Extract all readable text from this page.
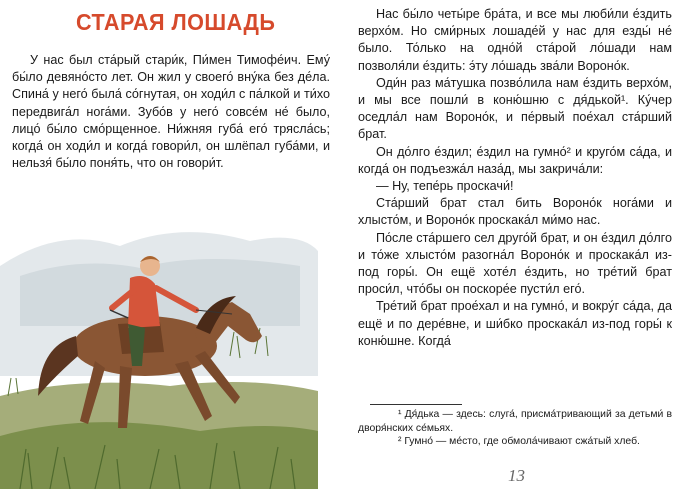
СТАРАЯ ЛОШАДЬ

У нас был ста́рый стари́к, Пи́мен Тимофе́ич. Ему́ бы́ло девяно́сто лет. Он жил у своего́ вну́ка без де́ла. Спина́ у него́ была́ со́гнутая, он ходи́л с па́лкой и ти́хо передвига́л нога́ми. Зубо́в у него́ совсе́м не́ было, лицо́ бы́ло смо́рщенное. Ни́жняя губа́ его́ трясла́сь; когда́ он ходи́л и когда́ говори́л, он шлёпал губа́ми, и нельзя́ бы́ло поня́ть, что он говори́т.

Нас бы́ло четы́ре бра́та, и все мы люби́ли е́здить верхо́м. Но сми́рных лошаде́й у нас для езды́ не́ было. То́лько на одно́й ста́рой ло́шади нам позволя́ли е́здить: э́ту ло́шадь зва́ли Вороно́к.

Оди́н раз ма́тушка позво́лила нам е́здить верхо́м, и мы все пошли́ в коню́шню с дя́дькой¹. Ку́чер оседла́л нам Вороно́к, и пе́рвый пое́хал ста́рший брат.

Он до́лго е́здил; е́здил на гумно́² и круго́м са́да, и когда́ он подъезжа́л наза́д, мы закрича́ли:

— Ну, тепе́рь проскачи́!

Ста́рший брат стал бить Вороно́к нога́ми и хлысто́м, и Вороно́к проскака́л ми́мо нас.

По́сле ста́ршего сел друго́й брат, и он е́здил до́лго и то́же хлысто́м разогна́л Вороно́к и проскака́л из-под горы́. Он ещё хоте́л е́здить, но тре́тий брат проси́л, что́бы он поскоре́е пусти́л его́.

Тре́тий брат прое́хал и на гумно́, и вокру́г са́да, да ещё и по дере́вне, и ши́бко проскака́л из-под горы́ к коню́шне. Когда́

¹ Дя́дька — здесь: слуга́, присма́тривающий за детьми́ в дворя́нских се́мьях.

² Гумно́ — ме́сто, где обмола́чивают сжа́тый хлеб.

13
